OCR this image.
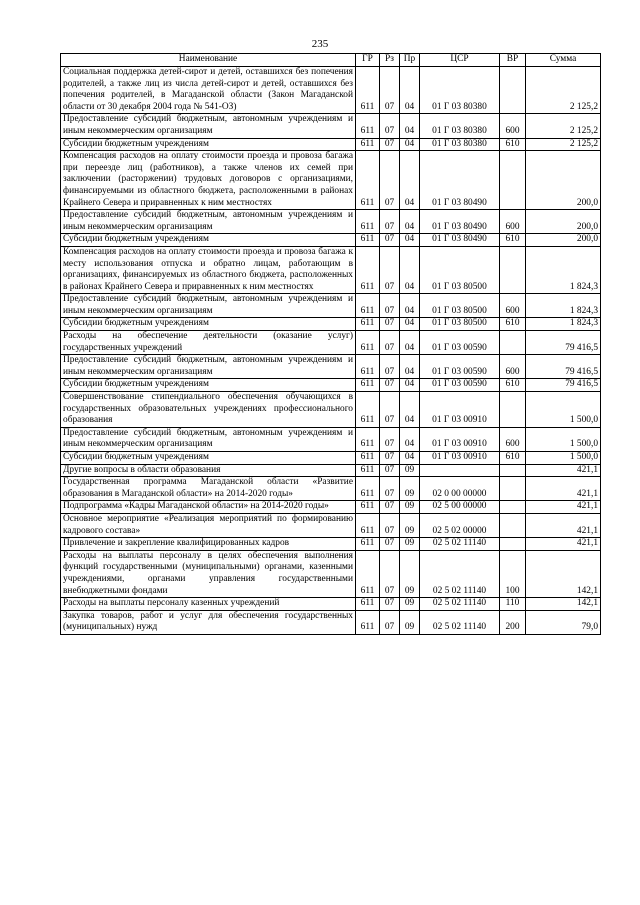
235
Наименование	ГР	Рз	Пр	ЦСР	ВР	Сумма
Социальная поддержка детей-сирот и детей, оставшихся без попечения родителей, а также лиц из числа детей-сирот и детей, оставшихся без попечения родителей, в Магаданской области (Закон Магаданской области от 30 декабря 2004 года № 541-ОЗ)	611	07	04	01 Г 03 80380		2 125,2
Предоставление субсидий бюджетным, автономным учреждениям и иным некоммерческим организациям	611	07	04	01 Г 03 80380	600	2 125,2
Субсидии бюджетным учреждениям	611	07	04	01 Г 03 80380	610	2 125,2
Компенсация расходов на оплату стоимости проезда и провоза багажа при переезде лиц (работников), а также членов их семей при заключении (расторжении) трудовых договоров с организациями, финансируемыми из областного бюджета, расположенными в районах Крайнего Севера и приравненных к ним местностях	611	07	04	01 Г 03 80490		200,0
Предоставление субсидий бюджетным, автономным учреждениям и иным некоммерческим организациям	611	07	04	01 Г 03 80490	600	200,0
Субсидии бюджетным учреждениям	611	07	04	01 Г 03 80490	610	200,0
Компенсация расходов на оплату стоимости проезда и провоза багажа к месту использования отпуска и обратно лицам, работающим в организациях, финансируемых из областного бюджета, расположенных в районах Крайнего Севера и приравненных к ним местностях	611	07	04	01 Г 03 80500		1 824,3
Предоставление субсидий бюджетным, автономным учреждениям и иным некоммерческим организациям	611	07	04	01 Г 03 80500	600	1 824,3
Субсидии бюджетным учреждениям	611	07	04	01 Г 03 80500	610	1 824,3
Расходы на обеспечение деятельности (оказание услуг) государственных учреждений	611	07	04	01 Г 03 00590		79 416,5
Предоставление субсидий бюджетным, автономным учреждениям и иным некоммерческим организациям	611	07	04	01 Г 03 00590	600	79 416,5
Субсидии бюджетным учреждениям	611	07	04	01 Г 03 00590	610	79 416,5
Совершенствование стипендиального обеспечения обучающихся в государственных образовательных учреждениях профессионального образования	611	07	04	01 Г 03 00910		1 500,0
Предоставление субсидий бюджетным, автономным учреждениям и иным некоммерческим организациям	611	07	04	01 Г 03 00910	600	1 500,0
Субсидии бюджетным учреждениям	611	07	04	01 Г 03 00910	610	1 500,0
Другие вопросы в области образования	611	07	09			421,1
Государственная программа Магаданской области «Развитие образования в Магаданской области» на 2014-2020 годы»	611	07	09	02 0 00 00000		421,1
Подпрограмма «Кадры Магаданской области» на 2014-2020 годы»	611	07	09	02 5 00 00000		421,1
Основное мероприятие «Реализация мероприятий по формированию кадрового состава»	611	07	09	02 5 02 00000		421,1
Привлечение и закрепление квалифицированных кадров	611	07	09	02 5 02 11140		421,1
Расходы на выплаты персоналу в целях обеспечения выполнения функций государственными (муниципальными) органами, казенными учреждениями, органами управления государственными внебюджетными фондами	611	07	09	02 5 02 11140	100	142,1
Расходы на выплаты персоналу казенных учреждений	611	07	09	02 5 02 11140	110	142,1
Закупка товаров, работ и услуг для обеспечения государственных (муниципальных) нужд	611	07	09	02 5 02 11140	200	79,0
